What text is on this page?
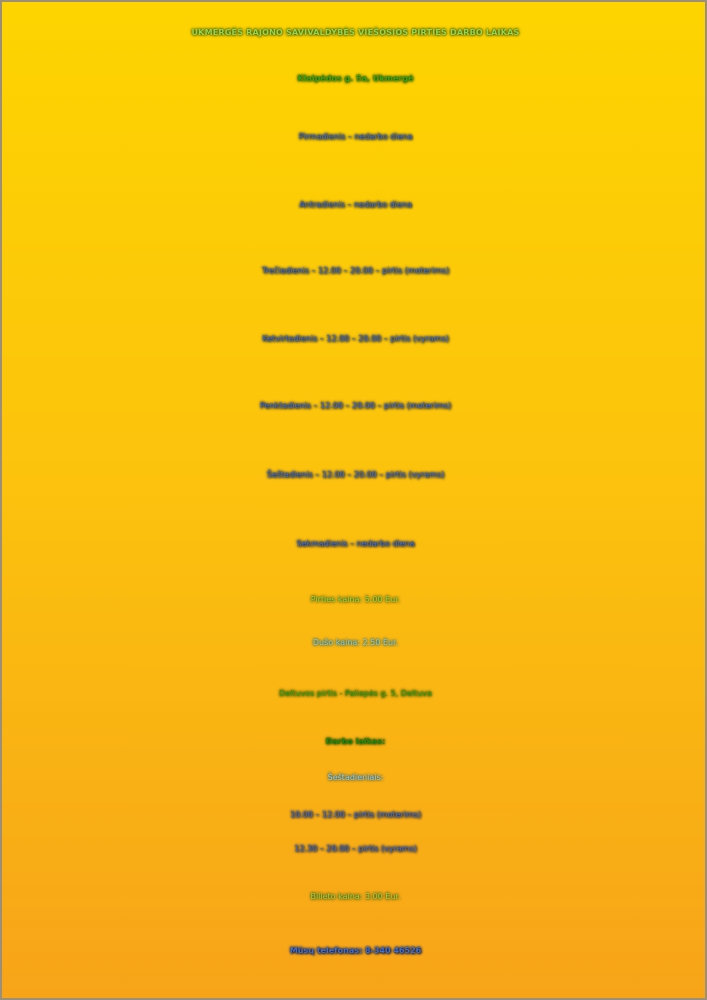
UKMERGĖS RAJONO SAVIVALDYBĖS VIEŠOSIOS PIRTIES DARBO LAIKAS

Klaipėdos g. 5a, Ukmergė

Pirmadienis – nedarbo diena

Antradienis – nedarbo diena

Trečiadienis – 12.00 – 20.00 – pirtis (moterims)

Ketvirtadienis – 12.00 – 20.00 – pirtis (vyrams)

Penktadienis – 12.00 – 20.00 – pirtis (moterims)

Šeštadienis – 12.00 – 20.00 – pirtis (vyrams)

Sekmadienis – nedarbo diena

Pirties kaina: 5.00 Eur.

Dušo kaina: 2.50 Eur.

Deltuvos pirtis - Paliepės g. 5, Deltuva

Darbo laikas:

Šeštadieniais:

10.00 – 12.00 – pirtis (moterims)

12.30 – 20.00 – pirtis (vyrams)

Bilieto kaina: 3.00 Eur.

Mūsų telefonas: 8-340 46526
